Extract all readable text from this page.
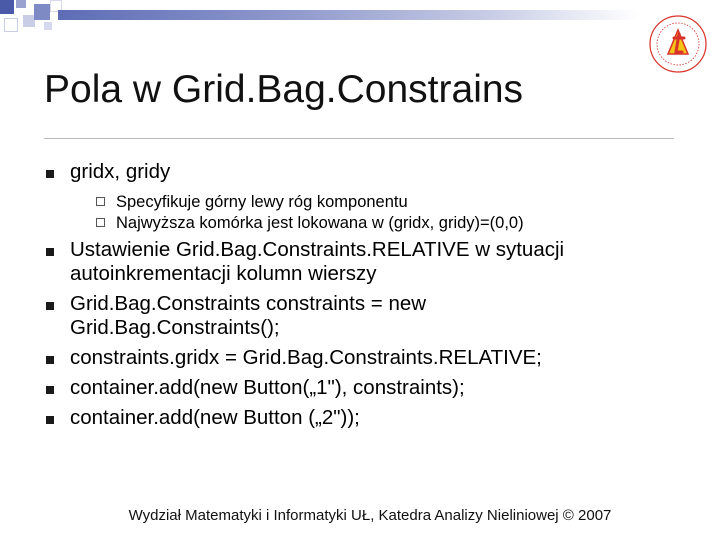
Pola w Grid.Bag.Constrains
gridx, gridy
Specyfikuje górny lewy róg komponentu
Najwyższa komórka jest lokowana w (gridx, gridy)=(0,0)
Ustawienie Grid.Bag.Constraints.RELATIVE w sytuacji
autoinkrementacji kolumn wierszy
Grid.Bag.Constraints constraints = new
Grid.Bag.Constraints();
constraints.gridx = Grid.Bag.Constraints.RELATIVE;
container.add(new Button(„1"), constraints);
container.add(new Button („2"));
Wydział Matematyki i Informatyki UŁ, Katedra Analizy Nieliniowej © 2007
